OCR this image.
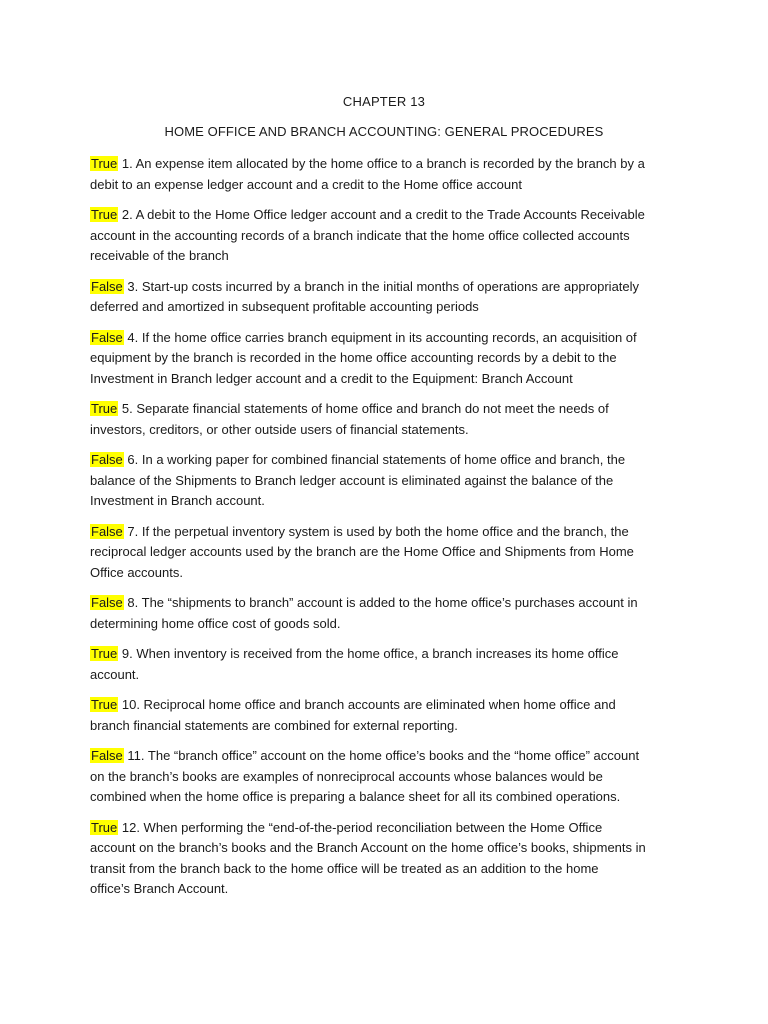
CHAPTER 13
HOME OFFICE AND BRANCH ACCOUNTING: GENERAL PROCEDURES
True 1. An expense item allocated by the home office to a branch is recorded by the branch by a
debit to an expense ledger account and a credit to the Home office account
True 2. A debit to the Home Office ledger account and a credit to the Trade Accounts Receivable
account in the accounting records of a branch indicate that the home office collected accounts
receivable of the branch
False 3. Start-up costs incurred by a branch in the initial months of operations are appropriately
deferred and amortized in subsequent profitable accounting periods
False 4. If the home office carries branch equipment in its accounting records, an acquisition of
equipment by the branch is recorded in the home office accounting records by a debit to the
Investment in Branch ledger account and a credit to the Equipment: Branch Account
True 5. Separate financial statements of home office and branch do not meet the needs of
investors, creditors, or other outside users of financial statements.
False 6. In a working paper for combined financial statements of home office and branch, the
balance of the Shipments to Branch ledger account is eliminated against the balance of the
Investment in Branch account.
False 7. If the perpetual inventory system is used by both the home office and the branch, the
reciprocal ledger accounts used by the branch are the Home Office and Shipments from Home
Office accounts.
False 8. The “shipments to branch” account is added to the home office’s purchases account in
determining home office cost of goods sold.
True 9. When inventory is received from the home office, a branch increases its home office
account.
True 10. Reciprocal home office and branch accounts are eliminated when home office and
branch financial statements are combined for external reporting.
False 11. The “branch office” account on the home office’s books and the “home office” account
on the branch’s books are examples of nonreciprocal accounts whose balances would be
combined when the home office is preparing a balance sheet for all its combined operations.
True 12. When performing the “end-of-the-period reconciliation between the Home Office
account on the branch’s books and the Branch Account on the home office’s books, shipments in
transit from the branch back to the home office will be treated as an addition to the home
office’s Branch Account.
